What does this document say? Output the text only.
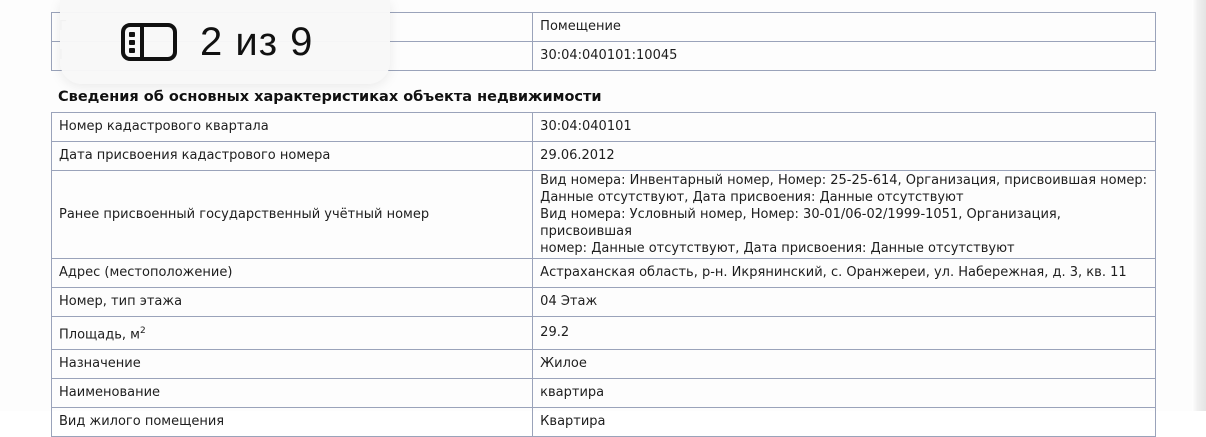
	Помещение
	30:04:040101:10045
Сведения об основных характеристиках объекта недвижимости
Номер кадастрового квартала	30:04:040101
Дата присвоения кадастрового номера	29.06.2012
Ранее присвоенный государственный учётный номер	Вид номера: Инвентарный номер, Номер: 25-25-614, Организация, присвоившая номер:
Данные отсутствуют, Дата присвоения: Данные отсутствуют
Вид номера: Условный номер, Номер: 30-01/06-02/1999-1051, Организация, присвоившая
номер: Данные отсутствуют, Дата присвоения: Данные отсутствуют

Адрес (местоположение)	Астраханская область, р-н. Икрянинский, с. Оранжереи, ул. Набережная, д. 3, кв. 11
Номер, тип этажа	04 Этаж
Площадь, $м^2$	29.2
Назначение	Жилое
Наименование	квартира
Вид жилого помещения	Квартира
2 из 9
